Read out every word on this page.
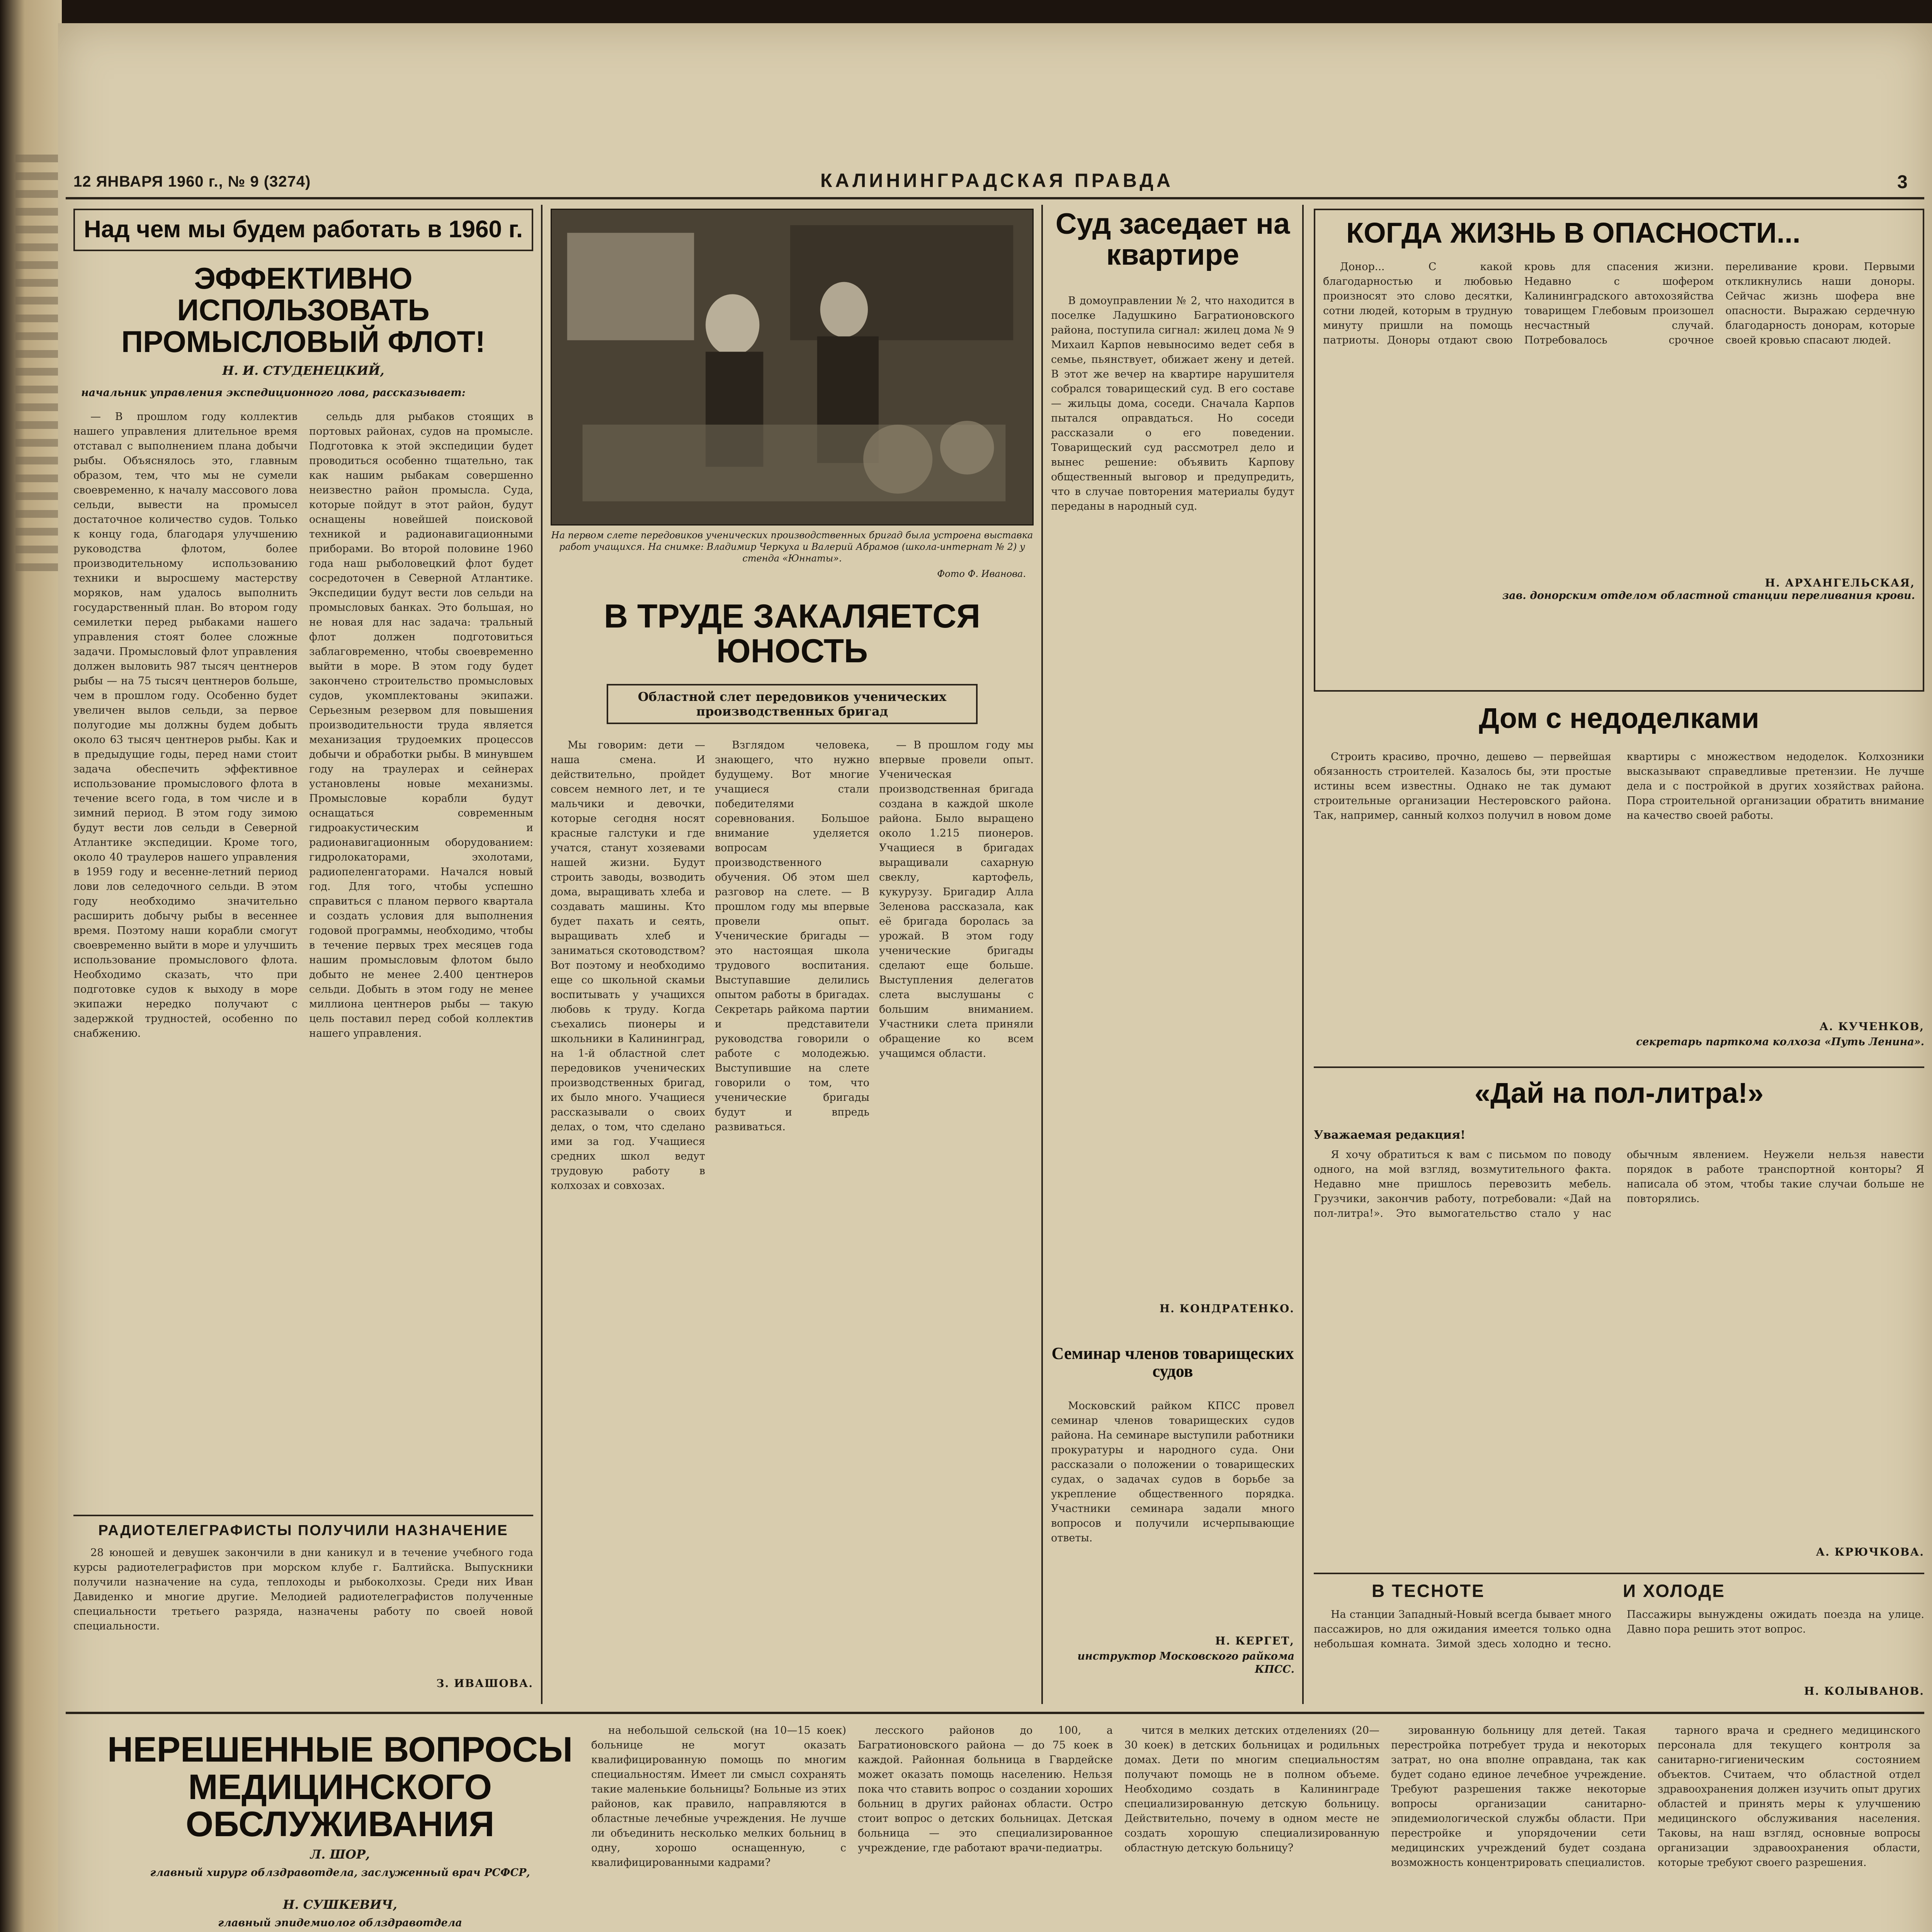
12 ЯНВАРЯ 1960 г., № 9 (3274)	КАЛИНИНГРАДСКАЯ ПРАВДА	3
Над чем мы будем работать в 1960 г.
ЭФФЕКТИВНО ИСПОЛЬЗОВАТЬ ПРОМЫСЛОВЫЙ ФЛОТ!
Н. И. СТУДЕНЕЦКИЙ,
начальник управления экспедиционного лова, рассказывает:

— В прошлом году коллектив нашего управления длительное время отставал с выполнением плана добычи рыбы. Объяснялось это, главным образом, тем, что мы не сумели своевременно, к началу массового лова сельди, вывести на промысел достаточное количество судов. Только к концу года, благодаря улучшению руководства флотом, более производительному использованию техники и выросшему мастерству моряков, нам удалось выполнить государственный план. Во втором году семилетки перед рыбаками нашего управления стоят более сложные задачи. Промысловый флот управления должен выловить 987 тысяч центнеров рыбы — на 75 тысяч центнеров больше, чем в прошлом году. Особенно будет увеличен вылов сельди, за первое полугодие мы должны будем добыть около 63 тысяч центнеров рыбы. Как и в предыдущие годы, перед нами стоит задача обеспечить эффективное использование промыслового флота в течение всего года, в том числе и в зимний период. В этом году зимою будут вести лов сельди в Северной Атлантике экспедиции. Кроме того, около 40 траулеров нашего управления в 1959 году и весенне-летний период лови лов селедочного сельди. В этом году необходимо значительно расширить добычу рыбы в весеннее время. Поэтому наши корабли смогут своевременно выйти в море и улучшить использование промыслового флота. Необходимо сказать, что при подготовке судов к выходу в море экипажи нередко получают с задержкой трудностей, особенно по снабжению.

сельдь для рыбаков стоящих в портовых районах, судов на промысле. Подготовка к этой экспедиции будет проводиться особенно тщательно, так как нашим рыбакам совершенно неизвестно район промысла. Суда, которые пойдут в этот район, будут оснащены новейшей поисковой техникой и радионавигационными приборами. Во второй половине 1960 года наш рыболовецкий флот будет сосредоточен в Северной Атлантике. Экспедиции будут вести лов сельди на промысловых банках. Это большая, но не новая для нас задача: тральный флот должен подготовиться заблаговременно, чтобы своевременно выйти в море. В этом году будет закончено строительство промысловых судов, укомплектованы экипажи. Серьезным резервом для повышения производительности труда является механизация трудоемких процессов добычи и обработки рыбы. В минувшем году на траулерах и сейнерах установлены новые механизмы. Промысловые корабли будут оснащаться современным гидроакустическим и радионавигационным оборудованием: гидролокаторами, эхолотами, радиопеленгаторами. Начался новый год. Для того, чтобы успешно справиться с планом первого квартала и создать условия для выполнения годовой программы, необходимо, чтобы в течение первых трех месяцев года нашим промысловым флотом было добыто не менее 2.400 центнеров сельди. Добыть в этом году не менее миллиона центнеров рыбы — такую цель поставил перед собой коллектив нашего управления.

РАДИОТЕЛЕГРАФИСТЫ ПОЛУЧИЛИ НАЗНАЧЕНИЕ

28 юношей и девушек закончили в дни каникул и в течение учебного года курсы радиотелеграфистов при морском клубе г. Балтийска. Выпускники получили назначение на суда, теплоходы и рыбоколхозы. Среди них Иван Давиденко и многие другие. Мелодией радиотелеграфистов полученные специальности третьего разряда, назначены работу по своей новой специальности.

З. ИВАШОВА.
На первом слете передовиков ученических производственных бригад была устроена выставка работ учащихся. На снимке: Владимир Черкуха и Валерий Абрамов (школа-интернат № 2) у стенда «Юннаты».
Фото Ф. Иванова.
В ТРУДЕ ЗАКАЛЯЕТСЯ ЮНОСТЬ
Областной слет передовиков ученических производственных бригад

Мы говорим: дети — наша смена. И действительно, пройдет совсем немного лет, и те мальчики и девочки, которые сегодня носят красные галстуки и где учатся, станут хозяевами нашей жизни. Будут строить заводы, возводить дома, выращивать хлеба и создавать машины. Кто будет пахать и сеять, выращивать хлеб и заниматься скотоводством? Вот поэтому и необходимо еще со школьной скамьи воспитывать у учащихся любовь к труду. Когда съехались пионеры и школьники в Калининград, на 1-й областной слет передовиков ученических производственных бригад, их было много. Учащиеся рассказывали о своих делах, о том, что сделано ими за год. Учащиеся средних школ ведут трудовую работу в колхозах и совхозах.

Взглядом человека, знающего, что нужно будущему. Вот многие учащиеся стали победителями соревнования. Большое внимание уделяется вопросам производственного обучения. Об этом шел разговор на слете. — В прошлом году мы впервые провели опыт. Ученические бригады — это настоящая школа трудового воспитания. Выступавшие делились опытом работы в бригадах. Секретарь райкома партии и представители руководства говорили о работе с молодежью. Выступившие на слете говорили о том, что ученические бригады будут и впредь развиваться.

— В прошлом году мы впервые провели опыт. Ученическая производственная бригада создана в каждой школе района. Было выращено около 1.215 пионеров. Учащиеся в бригадах выращивали сахарную свеклу, картофель, кукурузу. Бригадир Алла Зеленова рассказала, как её бригада боролась за урожай. В этом году ученические бригады сделают еще больше. Выступления делегатов слета выслушаны с большим вниманием. Участники слета приняли обращение ко всем учащимся области.

Суд заседает на квартире

В домоуправлении № 2, что находится в поселке Ладушкино Багратионовского района, поступила сигнал: жилец дома № 9 Михаил Карпов невыносимо ведет себя в семье, пьянствует, обижает жену и детей. В этот же вечер на квартире нарушителя собрался товарищеский суд. В его составе — жильцы дома, соседи. Сначала Карпов пытался оправдаться. Но соседи рассказали о его поведении. Товарищеский суд рассмотрел дело и вынес решение: объявить Карпову общественный выговор и предупредить, что в случае повторения материалы будут переданы в народный суд.

Н. КОНДРАТЕНКО.
Семинар членов товарищеских судов

Московский райком КПСС провел семинар членов товарищеских судов района. На семинаре выступили работники прокуратуры и народного суда. Они рассказали о положении о товарищеских судах, о задачах судов в борьбе за укрепление общественного порядка. Участники семинара задали много вопросов и получили исчерпывающие ответы.

Н. КЕРГЕТ,
инструктор Московского райкома КПСС.
КОГДА ЖИЗНЬ В ОПАСНОСТИ...

Донор... С какой благодарностью и любовью произносят это слово десятки, сотни людей, которым в трудную минуту пришли на помощь патриоты. Доноры отдают свою кровь для спасения жизни. Недавно с шофером Калининградского автохозяйства товарищем Глебовым произошел несчастный случай. Потребовалось срочное переливание крови. Первыми откликнулись наши доноры. Сейчас жизнь шофера вне опасности. Выражаю сердечную благодарность донорам, которые своей кровью спасают людей.

Н. АРХАНГЕЛЬСКАЯ,
зав. донорским отделом областной станции переливания крови.
Дом с недоделками

Строить красиво, прочно, дешево — первейшая обязанность строителей. Казалось бы, эти простые истины всем известны. Однако не так думают строительные организации Нестеровского района. Так, например, санный колхоз получил в новом доме квартиры с множеством недоделок. Колхозники высказывают справедливые претензии. Не лучше дела и с постройкой в других хозяйствах района. Пора строительной организации обратить внимание на качество своей работы.

А. КУЧЕНКОВ,
секретарь парткома колхоза «Путь Ленина».
«Дай на пол-литра!»
Уважаемая редакция!

Я хочу обратиться к вам с письмом по поводу одного, на мой взгляд, возмутительного факта. Недавно мне пришлось перевозить мебель. Грузчики, закончив работу, потребовали: «Дай на пол-литра!». Это вымогательство стало у нас обычным явлением. Неужели нельзя навести порядок в работе транспортной конторы? Я написала об этом, чтобы такие случаи больше не повторялись.

А. КРЮЧКОВА.
В ТЕСНОТЕ	И ХОЛОДЕ

На станции Западный-Новый всегда бывает много пассажиров, но для ожидания имеется только одна небольшая комната. Зимой здесь холодно и тесно. Пассажиры вынуждены ожидать поезда на улице. Давно пора решить этот вопрос.

Н. КОЛЫВАНОВ.
НЕРЕШЕННЫЕ ВОПРОСЫ МЕДИЦИНСКОГО ОБСЛУЖИВАНИЯ
Л. ШОР,
главный хирург облздравотдела, заслуженный врач РСФСР,
Н. СУШКЕВИЧ,
главный эпидемиолог облздравотдела

на небольшой сельской (на 10—15 коек) больнице не могут оказать квалифицированную помощь по многим специальностям. Имеет ли смысл сохранять такие маленькие больницы? Больные из этих районов, как правило, направляются в областные лечебные учреждения. Не лучше ли объединить несколько мелких больниц в одну, хорошо оснащенную, с квалифицированными кадрами?

лесского районов до 100, а Багратионовского района — до 75 коек в каждой. Районная больница в Гвардейске может оказать помощь населению. Нельзя пока что ставить вопрос о создании хороших больниц в других районах области. Остро стоит вопрос о детских больницах. Детская больница — это специализированное учреждение, где работают врачи-педиатры.

чится в мелких детских отделениях (20—30 коек) в детских больницах и родильных домах. Дети по многим специальностям получают помощь не в полном объеме. Необходимо создать в Калининграде специализированную детскую больницу. Действительно, почему в одном месте не создать хорошую специализированную областную детскую больницу?

зированную больницу для детей. Такая перестройка потребует труда и некоторых затрат, но она вполне оправдана, так как будет содано единое лечебное учреждение. Требуют разрешения также некоторые вопросы организации санитарно-эпидемиологической службы области. При перестройке и упорядочении сети медицинских учреждений будет создана возможность концентрировать специалистов.

тарного врача и среднего медицинского персонала для текущего контроля за санитарно-гигиеническим состоянием объектов. Считаем, что областной отдел здравоохранения должен изучить опыт других областей и принять меры к улучшению медицинского обслуживания населения. Таковы, на наш взгляд, основные вопросы организации здравоохранения области, которые требуют своего разрешения.
